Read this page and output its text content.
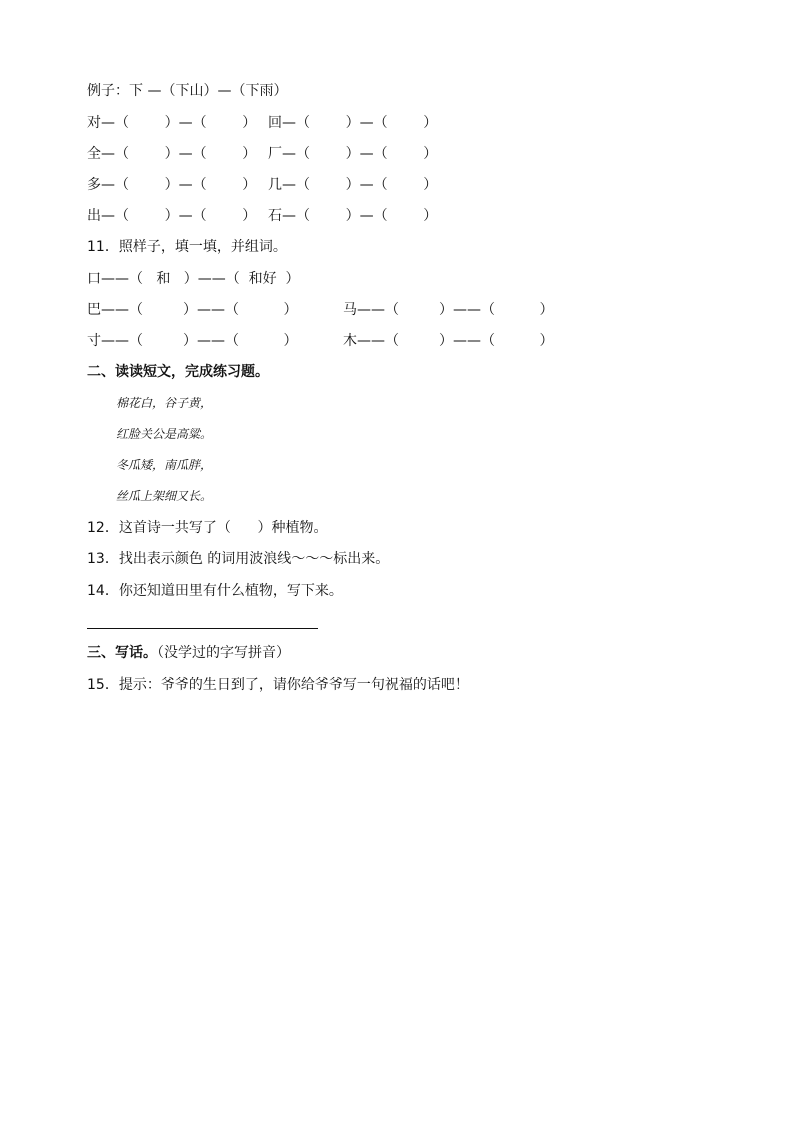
例子：下 —（下山）—（下雨）

对—（        ）—（        ）

回—（        ）—（        ）

全—（        ）—（        ）

厂—（        ）—（        ）

多—（        ）—（        ）

几—（        ）—（        ）

出—（        ）—（        ）

石—（        ）—（        ）

11．照样子，填一填，并组词。
口——（   和   ）——（  和好  ）

巴——（         ）——（          ）

	马——（         ）——（          ）

寸——（         ）——（          ）

	木——（         ）——（          ）

二、读读短文，完成练习题。
棉花白，谷子黄，
红脸关公是高粱。
冬瓜矮，南瓜胖，
丝瓜上架细又长。
12．这首诗一共写了（      ）种植物。
13．找出表示颜色 的词用波浪线～～～标出来。
14．你还知道田里有什么植物，写下来。
三、写话。（没学过的字写拼音）
15．提示：爷爷的生日到了，请你给爷爷写一句祝福的话吧！
